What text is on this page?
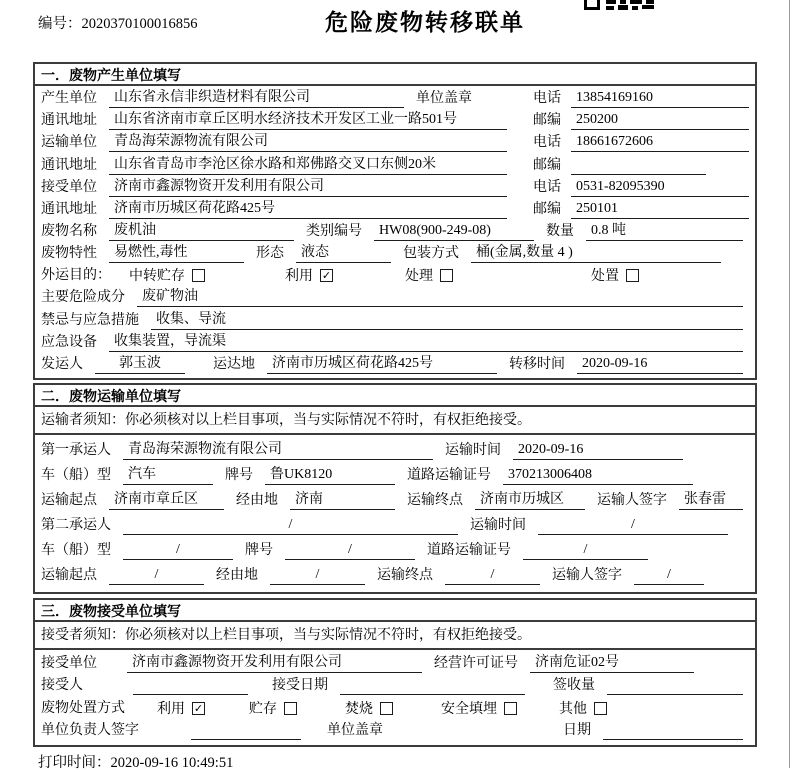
编号：2020370100016856	危险废物转移联单
一．废物产生单位填写
产生单位	山东省永信非织造材料有限公司	单位盖章	电话	13854169160
通讯地址	山东省济南市章丘区明水经济技术开发区工业一路501号	邮编	250200
运输单位	青岛海荣源物流有限公司	电话	18661672606
通讯地址	山东省青岛市李沧区徐水路和郑佛路交叉口东侧20米	邮编
接受单位	济南市鑫源物资开发利用有限公司	电话	0531-82095390
通讯地址	济南市历城区荷花路425号	邮编	250101
废物名称	废机油	类别编号	HW08(900-249-08)	数量	0.8 吨
废物特性	易燃性,毒性	形态	液态	包装方式	桶(金属,数量 4 )
外运目的：	中转贮存	利用 ✓	处理	处置
主要危险成分	废矿物油
禁忌与应急措施	收集、导流
应急设备	收集装置，导流渠
发运人	郭玉波	运达地	济南市历城区荷花路425号	转移时间	2020-09-16
二．废物运输单位填写
运输者须知：你必须核对以上栏目事项，当与实际情况不符时，有权拒绝接受。
第一承运人	青岛海荣源物流有限公司	运输时间	2020-09-16
车（船）型	汽车	牌号	鲁UK8120	道路运输证号	370213006408
运输起点	济南市章丘区	经由地	济南	运输终点	济南市历城区	运输人签字	张春雷
第二承运人	/	运输时间	/
车（船）型	/	牌号	/	道路运输证号	/
运输起点	/	经由地	/	运输终点	/	运输人签字	/
三．废物接受单位填写
接受者须知：你必须核对以上栏目事项，当与实际情况不符时，有权拒绝接受。
接受单位	济南市鑫源物资开发利用有限公司	经营许可证号	济南危证02号
接受人	接受日期	签收量
废物处置方式	利用 ✓	贮存	焚烧	安全填埋	其他
单位负责人签字	单位盖章	日期
打印时间：2020-09-16 10:49:51
